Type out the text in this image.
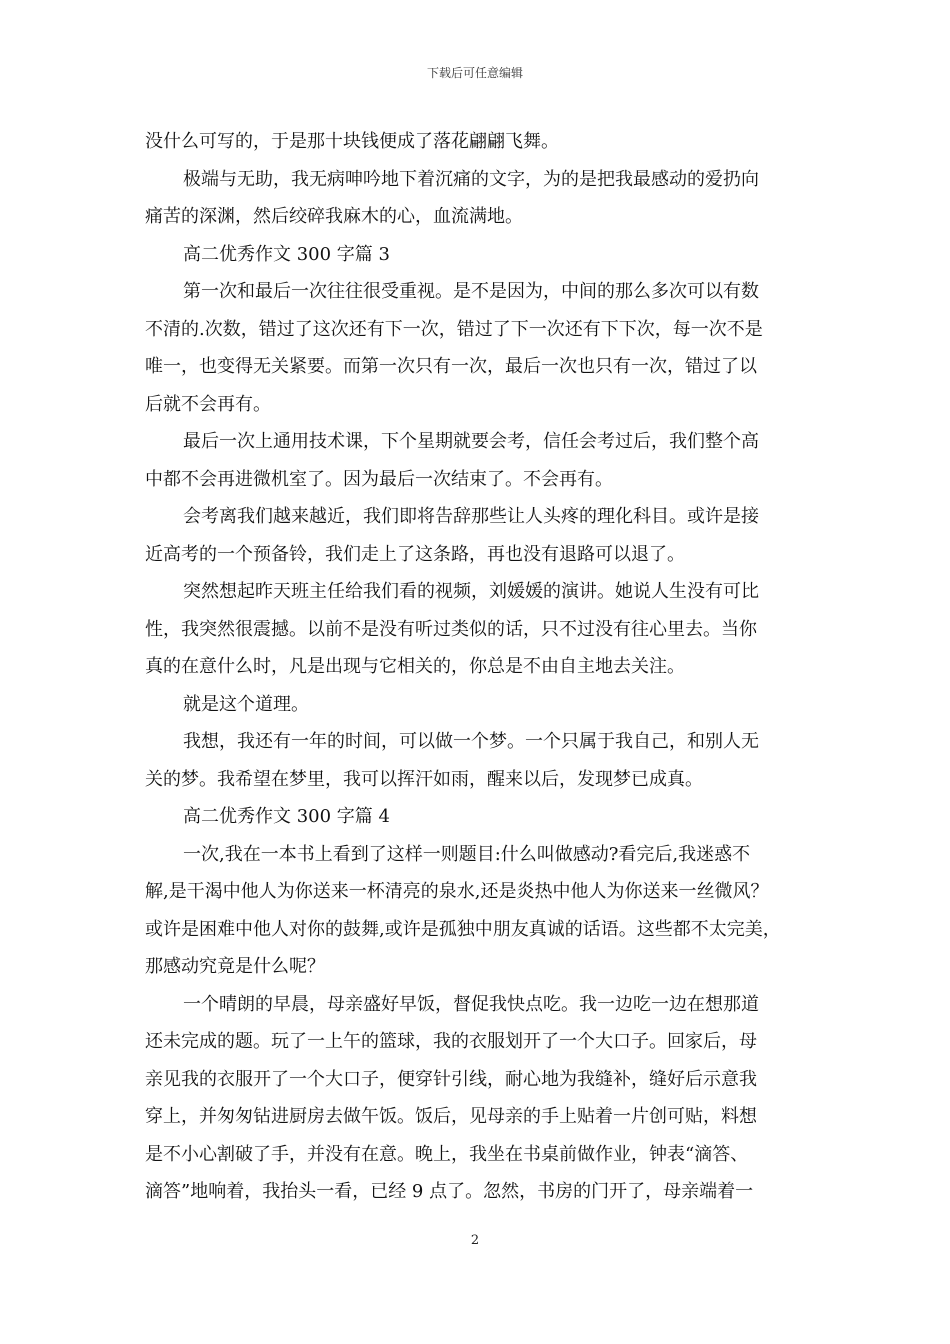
下载后可任意编辑
没什么可写的，于是那十块钱便成了落花翩翩飞舞。
极端与无助，我无病呻吟地下着沉痛的文字，为的是把我最感动的爱扔向
痛苦的深渊，然后绞碎我麻木的心，血流满地。
高二优秀作文 300 字篇 3
第一次和最后一次往往很受重视。是不是因为，中间的那么多次可以有数
不清的.次数，错过了这次还有下一次，错过了下一次还有下下次，每一次不是
唯一，也变得无关紧要。而第一次只有一次，最后一次也只有一次，错过了以
后就不会再有。
最后一次上通用技术课，下个星期就要会考，信任会考过后，我们整个高
中都不会再进微机室了。因为最后一次结束了。不会再有。
会考离我们越来越近，我们即将告辞那些让人头疼的理化科目。或许是接
近高考的一个预备铃，我们走上了这条路，再也没有退路可以退了。
突然想起昨天班主任给我们看的视频，刘媛媛的演讲。她说人生没有可比
性，我突然很震撼。以前不是没有听过类似的话，只不过没有往心里去。当你
真的在意什么时，凡是出现与它相关的，你总是不由自主地去关注。
就是这个道理。
我想，我还有一年的时间，可以做一个梦。一个只属于我自己，和别人无
关的梦。我希望在梦里，我可以挥汗如雨，醒来以后，发现梦已成真。
高二优秀作文 300 字篇 4
一次,我在一本书上看到了这样一则题目:什么叫做感动?看完后,我迷惑不
解,是干渴中他人为你送来一杯清亮的泉水,还是炎热中他人为你送来一丝微风？
或许是困难中他人对你的鼓舞,或许是孤独中朋友真诚的话语。这些都不太完美，
那感动究竟是什么呢？
一个晴朗的早晨，母亲盛好早饭，督促我快点吃。我一边吃一边在想那道
还未完成的题。玩了一上午的篮球，我的衣服划开了一个大口子。回家后，母
亲见我的衣服开了一个大口子，便穿针引线，耐心地为我缝补，缝好后示意我
穿上，并匆匆钻进厨房去做午饭。饭后，见母亲的手上贴着一片创可贴，料想
是不小心割破了手，并没有在意。晚上，我坐在书桌前做作业，钟表“滴答、
滴答”地响着，我抬头一看，已经 9 点了。忽然，书房的门开了，母亲端着一
2
